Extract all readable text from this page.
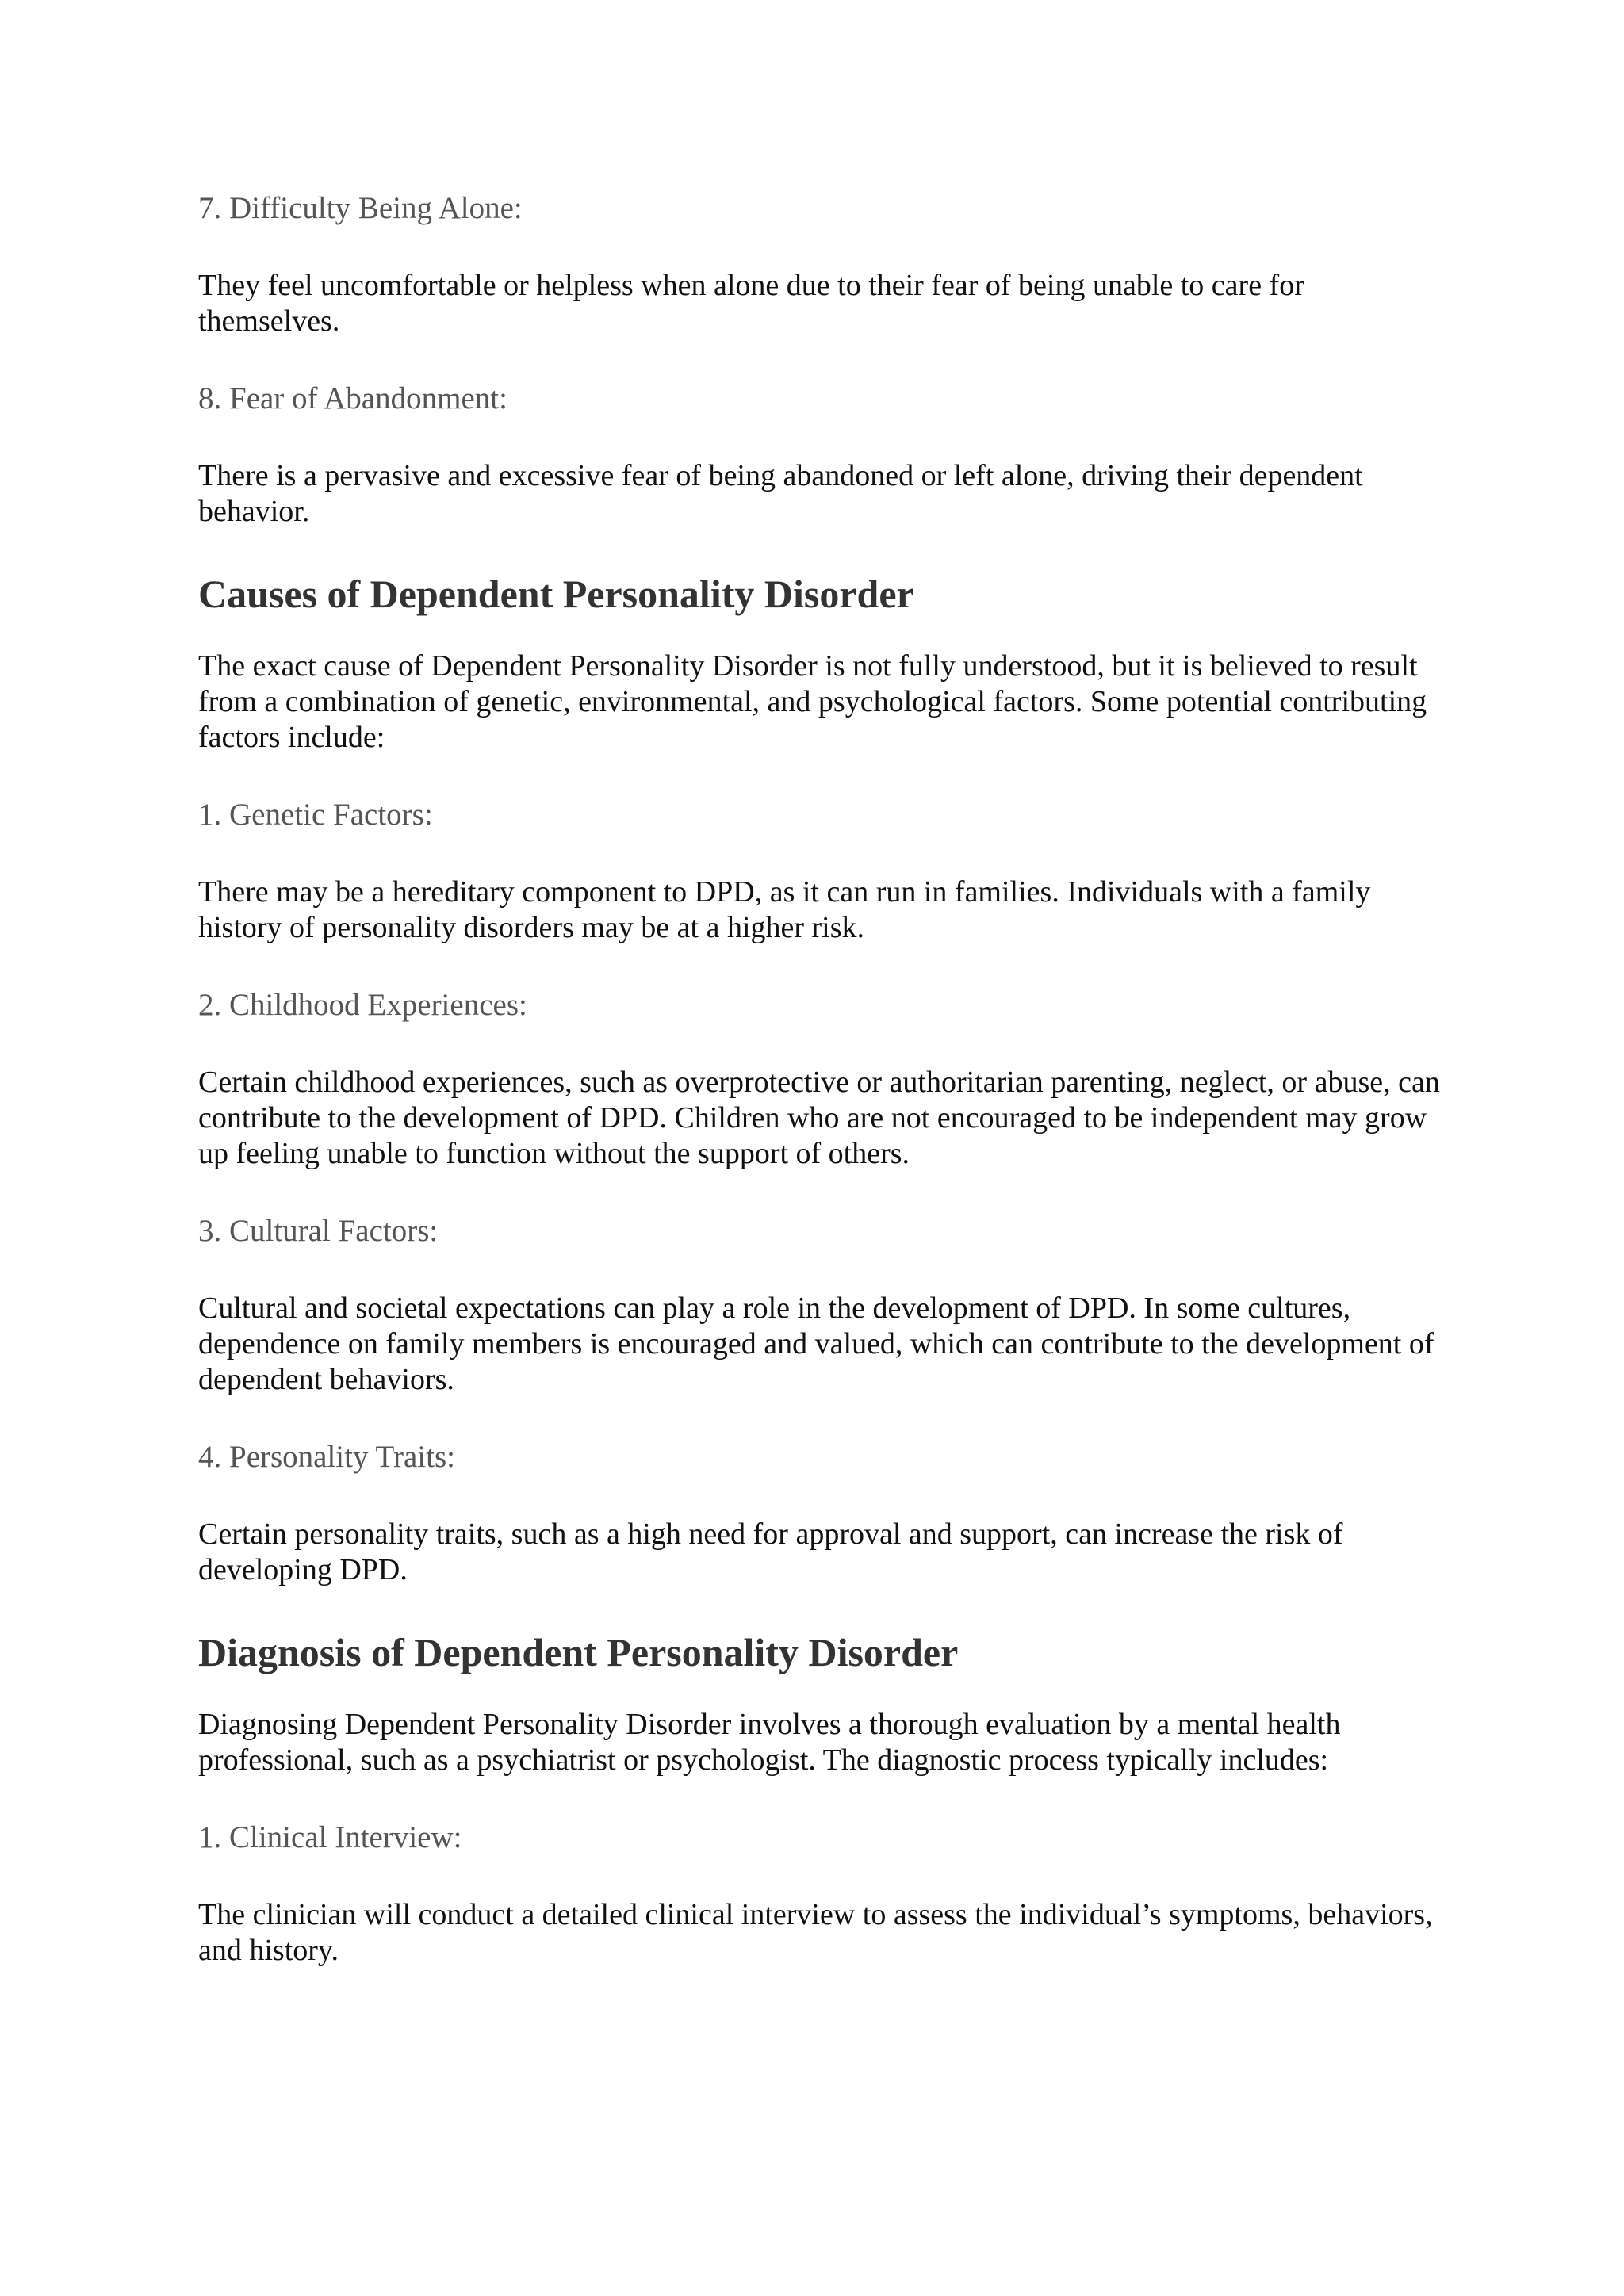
7. Difficulty Being Alone:

They feel uncomfortable or helpless when alone due to their fear of being unable to care for themselves.

8. Fear of Abandonment:

There is a pervasive and excessive fear of being abandoned or left alone, driving their dependent behavior.

Causes of Dependent Personality Disorder

The exact cause of Dependent Personality Disorder is not fully understood, but it is believed to result from a combination of genetic, environmental, and psychological factors. Some potential contributing factors include:

1. Genetic Factors:

There may be a hereditary component to DPD, as it can run in families. Individuals with a family history of personality disorders may be at a higher risk.

2. Childhood Experiences:

Certain childhood experiences, such as overprotective or authoritarian parenting, neglect, or abuse, can contribute to the development of DPD. Children who are not encouraged to be independent may grow up feeling unable to function without the support of others.

3. Cultural Factors:

Cultural and societal expectations can play a role in the development of DPD. In some cultures, dependence on family members is encouraged and valued, which can contribute to the development of dependent behaviors.

4. Personality Traits:

Certain personality traits, such as a high need for approval and support, can increase the risk of developing DPD.

Diagnosis of Dependent Personality Disorder

Diagnosing Dependent Personality Disorder involves a thorough evaluation by a mental health professional, such as a psychiatrist or psychologist. The diagnostic process typically includes:

1. Clinical Interview:

The clinician will conduct a detailed clinical interview to assess the individual’s symptoms, behaviors, and history.
